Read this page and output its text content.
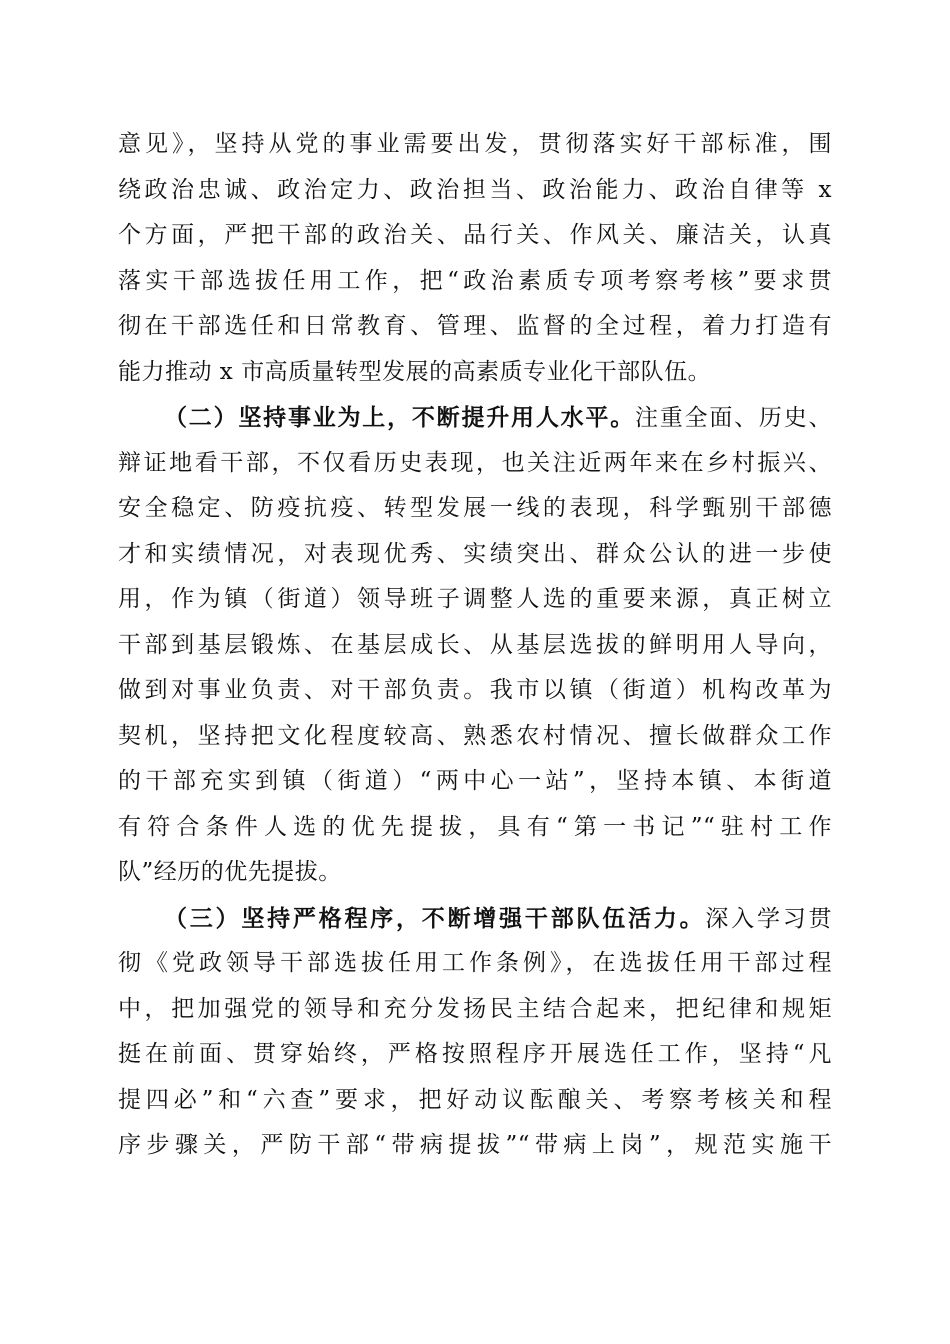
意见》，坚持从党的事业需要出发，贯彻落实好干部标准，围
绕政治忠诚、政治定力、政治担当、政治能力、政治自律等 x
个方面，严把干部的政治关、品行关、作风关、廉洁关，认真
落实干部选拔任用工作，把“政治素质专项考察考核”要求贯
彻在干部选任和日常教育、管理、监督的全过程，着力打造有
能力推动 x 市高质量转型发展的高素质专业化干部队伍。
（二）坚持事业为上，不断提升用人水平。注重全面、历史、
辩证地看干部，不仅看历史表现，也关注近两年来在乡村振兴、
安全稳定、防疫抗疫、转型发展一线的表现，科学甄别干部德
才和实绩情况，对表现优秀、实绩突出、群众公认的进一步使
用，作为镇（街道）领导班子调整人选的重要来源，真正树立
干部到基层锻炼、在基层成长、从基层选拔的鲜明用人导向，
做到对事业负责、对干部负责。我市以镇（街道）机构改革为
契机，坚持把文化程度较高、熟悉农村情况、擅长做群众工作
的干部充实到镇（街道）“两中心一站”，坚持本镇、本街道
有符合条件人选的优先提拔，具有“第一书记”“驻村工作
队”经历的优先提拔。
（三）坚持严格程序，不断增强干部队伍活力。深入学习贯
彻《党政领导干部选拔任用工作条例》，在选拔任用干部过程
中，把加强党的领导和充分发扬民主结合起来，把纪律和规矩
挺在前面、贯穿始终，严格按照程序开展选任工作，坚持“凡
提四必”和“六查”要求，把好动议酝酿关、考察考核关和程
序步骤关，严防干部“带病提拔”“带病上岗”，规范实施干
